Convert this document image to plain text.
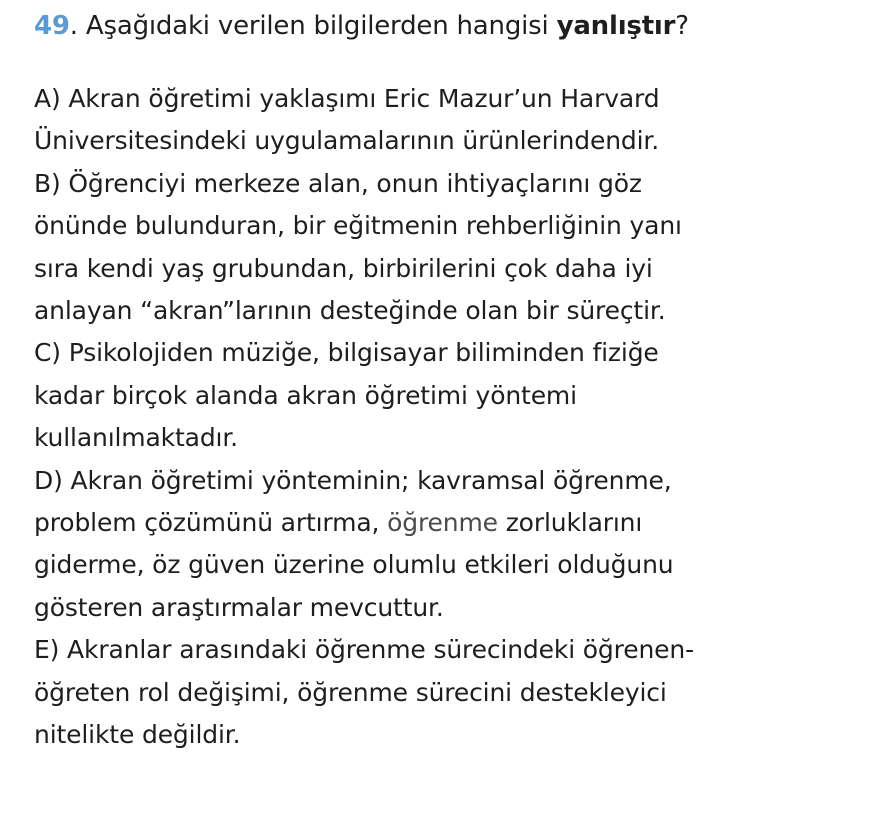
49. Aşağıdaki verilen bilgilerden hangisi yanlıştır?
A) Akran öğretimi yaklaşımı Eric Mazur’un Harvard
Üniversitesindeki uygulamalarının ürünlerindendir.
B) Öğrenciyi merkeze alan, onun ihtiyaçlarını göz
önünde bulunduran, bir eğitmenin rehberliğinin yanı
sıra kendi yaş grubundan, birbirilerini çok daha iyi
anlayan “akran”larının desteğinde olan bir süreçtir.
C) Psikolojiden müziğe, bilgisayar biliminden fiziğe
kadar birçok alanda akran öğretimi yöntemi
kullanılmaktadır.
D) Akran öğretimi yönteminin; kavramsal öğrenme,
problem çözümünü artırma, öğrenme zorluklarını
giderme, öz güven üzerine olumlu etkileri olduğunu
gösteren araştırmalar mevcuttur.
E) Akranlar arasındaki öğrenme sürecindeki öğrenen-
öğreten rol değişimi, öğrenme sürecini destekleyici
nitelikte değildir.
